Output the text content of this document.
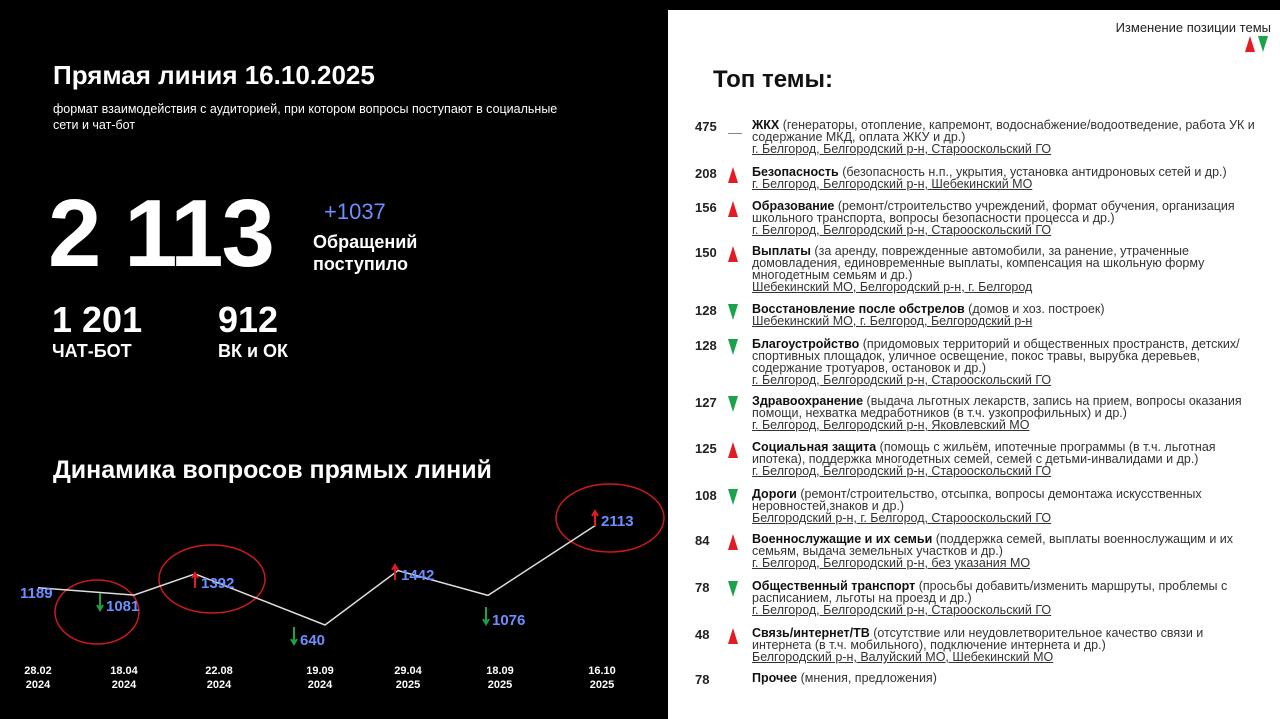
Прямая линия 16.10.2025
формат взаимодействия с аудиторией, при котором вопросы поступают в социальные сети и чат-бот
2 113 +1037
Обращений поступило
1 201
ЧАТ-БОТ
912
ВК и ОК
Динамика вопросов прямых линий
1189
1081
1392
640
1442
1076
2113
28.02
2024
18.04
2024
22.08
2024
19.09
2024
29.04
2025
18.09
2025
16.10
2025
Изменение позиции темы

Топ темы:
475	ЖКХ (генераторы, отопление, капремонт, водоснабжение/водоотведение, работа УК и содержание МКД, оплата ЖКУ и др.)
г. Белгород, Белгородский р-н, Старооскольский ГО
208	Безопасность (безопасность н.п., укрытия, установка антидроновых сетей и др.)
г. Белгород, Белгородский р-н, Шебекинский МО
156	Образование (ремонт/строительство учреждений, формат обучения, организация школьного транспорта, вопросы безопасности процесса и др.)
г. Белгород, Белгородский р-н, Старооскольский ГО
150	Выплаты (за аренду, поврежденные автомобили, за ранение, утраченные домовладения, единовременные выплаты, компенсация на школьную форму многодетным семьям и др.)
Шебекинский МО, Белгородский р-н, г. Белгород
128	Восстановление после обстрелов (домов и хоз. построек)
Шебекинский МО, г. Белгород, Белгородский р-н
128	Благоустройство (придомовых территорий и общественных пространств, детских/спортивных площадок, уличное освещение, покос травы, вырубка деревьев, содержание тротуаров, остановок и др.)
г. Белгород, Белгородский р-н, Старооскольский ГО
127	Здравоохранение (выдача льготных лекарств, запись на прием, вопросы оказания помощи, нехватка медработников (в т.ч. узкопрофильных) и др.)
г. Белгород, Белгородский р-н, Яковлевский МО
125	Социальная защита (помощь с жильём, ипотечные программы (в т.ч. льготная ипотека), поддержка многодетных семей, семей с детьми-инвалидами и др.)
г. Белгород, Белгородский р-н, Старооскольский ГО
108	Дороги (ремонт/строительство, отсыпка, вопросы демонтажа искусственных неровностей,знаков и др.)
Белгородский р-н, г. Белгород, Старооскольский ГО
84	Военнослужащие и их семьи (поддержка семей, выплаты военнослужащим и их семьям, выдача земельных участков и др.)
г. Белгород, Белгородский р-н, без указания МО
78	Общественный транспорт (просьбы добавить/изменить маршруты, проблемы с расписанием, льготы на проезд и др.)
г. Белгород, Белгородский р-н, Старооскольский ГО
48	Связь/интернет/ТВ (отсутствие или неудовлетворительное качество связи и интернета (в т.ч. мобильного), подключение интернета и др.)
Белгородский р-н, Валуйский МО, Шебекинский МО
78	Прочее (мнения, предложения)
